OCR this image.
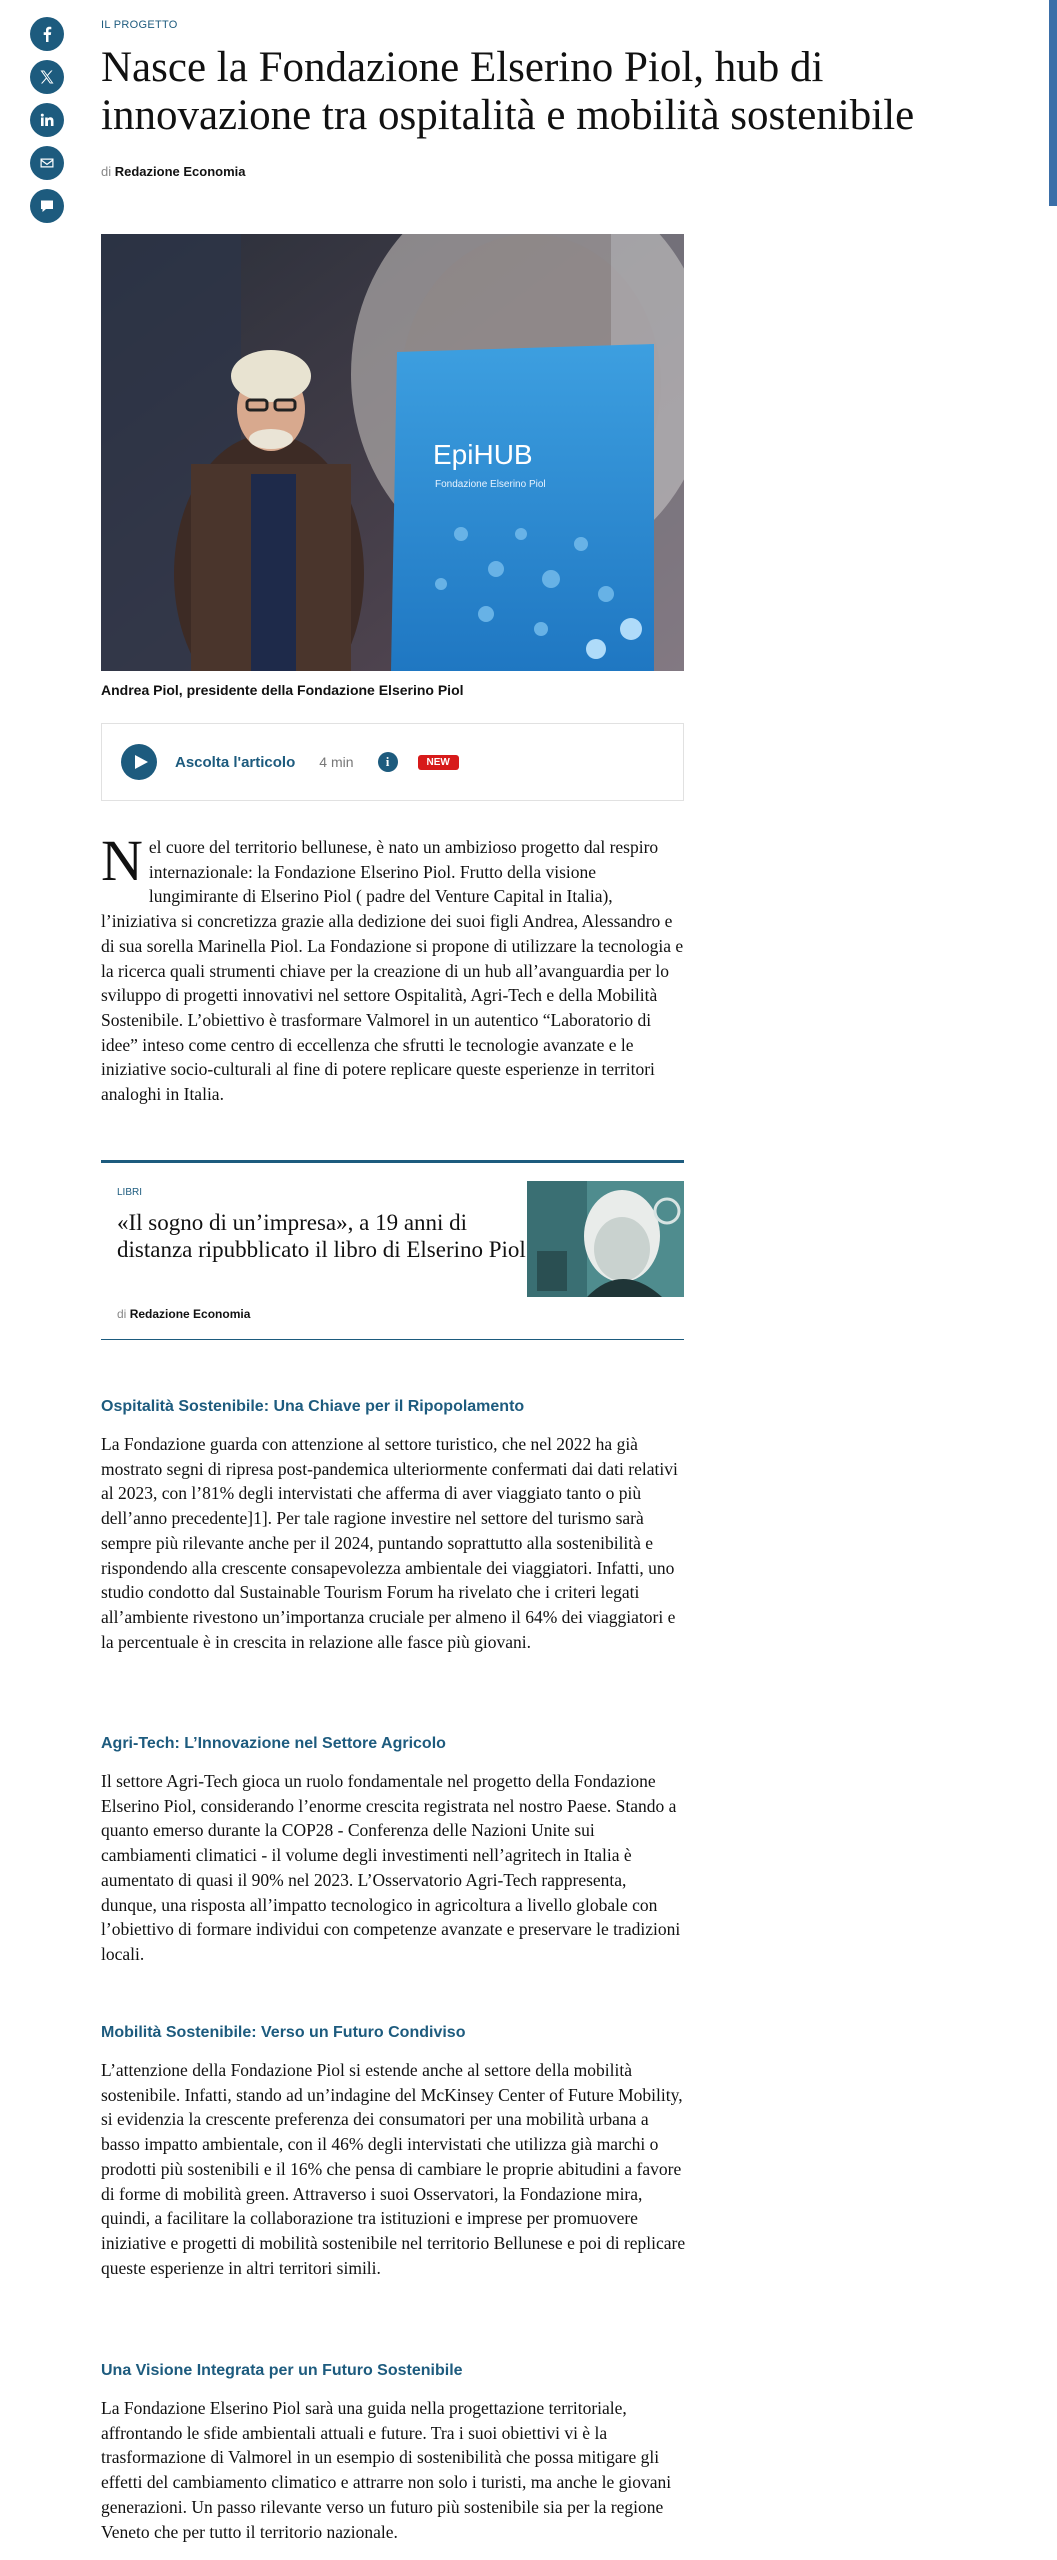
IL PROGETTO
Nasce la Fondazione Elserino Piol, hub di innovazione tra ospitalità e mobilità sostenibile
di Redazione Economia
EpiHUB
Fondazione Elserino Piol
Andrea Piol, presidente della Fondazione Elserino Piol
Ascolta l'articolo 4 min	i	NEW
Nel cuore del territorio bellunese, è nato un ambizioso progetto dal respiro internazionale: la Fondazione Elserino Piol. Frutto della visione lungimirante di Elserino Piol ( padre del Venture Capital in Italia), l’iniziativa si concretizza grazie alla dedizione dei suoi figli Andrea, Alessandro e di sua sorella Marinella Piol. La Fondazione si propone di utilizzare la tecnologia e la ricerca quali strumenti chiave per la creazione di un hub all’avanguardia per lo sviluppo di progetti innovativi nel settore Ospitalità, Agri-Tech e della Mobilità Sostenibile. L’obiettivo è trasformare Valmorel in un autentico “Laboratorio di idee” inteso come centro di eccellenza che sfrutti le tecnologie avanzate e le iniziative socio-culturali al fine di potere replicare queste esperienze in territori analoghi in Italia.
LIBRI
«Il sogno di un’impresa», a 19 anni di distanza ripubblicato il libro di Elserino Piol
di Redazione Economia
Ospitalità Sostenibile: Una Chiave per il Ripopolamento
La Fondazione guarda con attenzione al settore turistico, che nel 2022 ha già mostrato segni di ripresa post-pandemica ulteriormente confermati dai dati relativi al 2023, con l’81% degli intervistati che afferma di aver viaggiato tanto o più dell’anno precedente]1]. Per tale ragione investire nel settore del turismo sarà sempre più rilevante anche per il 2024, puntando soprattutto alla sostenibilità e rispondendo alla crescente consapevolezza ambientale dei viaggiatori. Infatti, uno studio condotto dal Sustainable Tourism Forum ha rivelato che i criteri legati all’ambiente rivestono un’importanza cruciale per almeno il 64% dei viaggiatori e la percentuale è in crescita in relazione alle fasce più giovani.
Agri-Tech: L’Innovazione nel Settore Agricolo
Il settore Agri-Tech gioca un ruolo fondamentale nel progetto della Fondazione Elserino Piol, considerando l’enorme crescita registrata nel nostro Paese. Stando a quanto emerso durante la COP28 - Conferenza delle Nazioni Unite sui cambiamenti climatici - il volume degli investimenti nell’agritech in Italia è aumentato di quasi il 90% nel 2023. L’Osservatorio Agri-Tech rappresenta, dunque, una risposta all’impatto tecnologico in agricoltura a livello globale con l’obiettivo di formare individui con competenze avanzate e preservare le tradizioni locali.
Mobilità Sostenibile: Verso un Futuro Condiviso
L’attenzione della Fondazione Piol si estende anche al settore della mobilità sostenibile. Infatti, stando ad un’indagine del McKinsey Center of Future Mobility, si evidenzia la crescente preferenza dei consumatori per una mobilità urbana a basso impatto ambientale, con il 46% degli intervistati che utilizza già marchi o prodotti più sostenibili e il 16% che pensa di cambiare le proprie abitudini a favore di forme di mobilità green. Attraverso i suoi Osservatori, la Fondazione mira, quindi, a facilitare la collaborazione tra istituzioni e imprese per promuovere iniziative e progetti di mobilità sostenibile nel territorio Bellunese e poi di replicare queste esperienze in altri territori simili.
Una Visione Integrata per un Futuro Sostenibile
La Fondazione Elserino Piol sarà una guida nella progettazione territoriale, affrontando le sfide ambientali attuali e future. Tra i suoi obiettivi vi è la trasformazione di Valmorel in un esempio di sostenibilità che possa mitigare gli effetti del cambiamento climatico e attrarre non solo i turisti, ma anche le giovani generazioni. Un passo rilevante verso un futuro più sostenibile sia per la regione Veneto che per tutto il territorio nazionale.
